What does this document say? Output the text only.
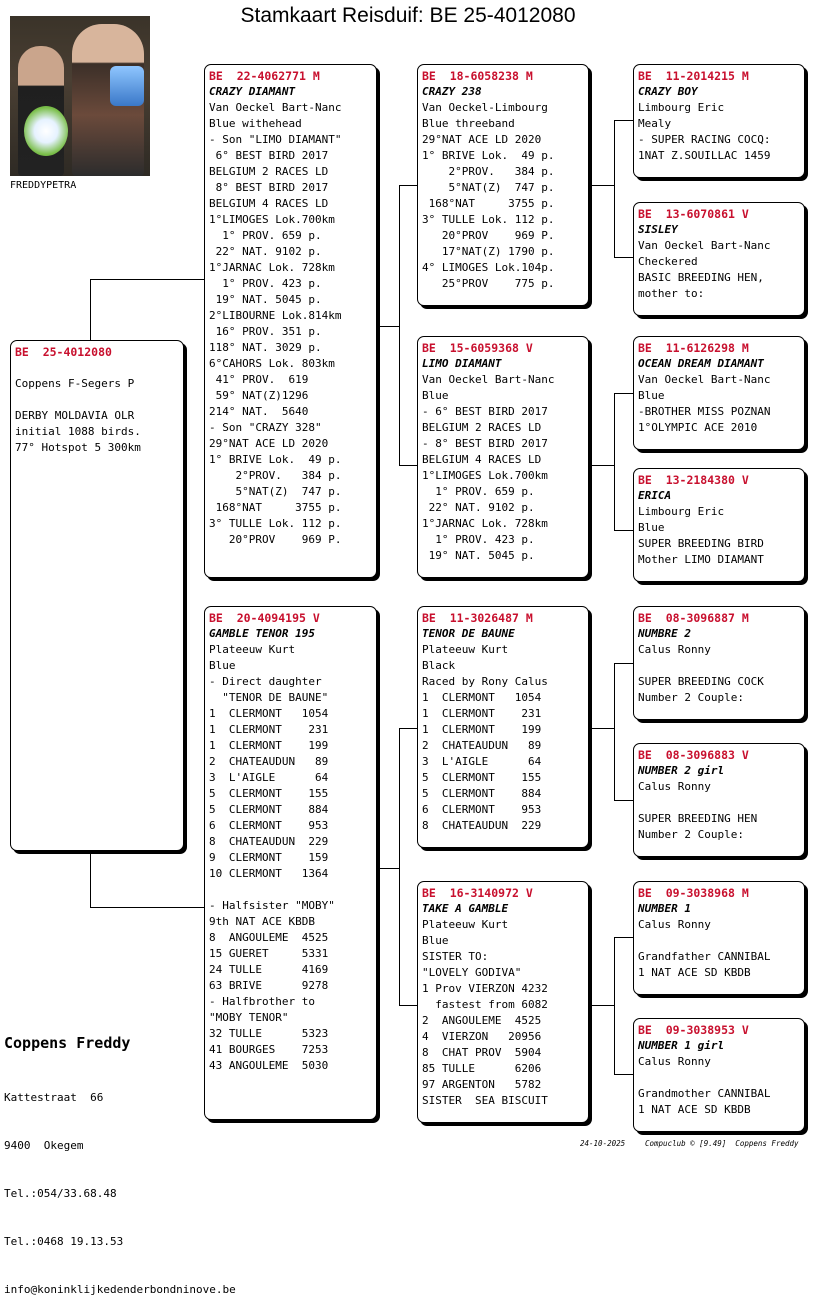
Stamkaart Reisduif: BE 25-4012080
FREDDYPETRA
BE  25-4012080

Coppens F-Segers P

DERBY MOLDAVIA OLR
initial 1088 birds.
77° Hotspot 5 300km
BE  22-4062771 M
CRAZY DIAMANT
Van Oeckel Bart-Nanc
Blue withehead
- Son "LIMO DIAMANT"
6° BEST BIRD 2017
BELGIUM 2 RACES LD
8° BEST BIRD 2017
BELGIUM 4 RACES LD
1°LIMOGES Lok.700km
1° PROV. 659 p.
22° NAT. 9102 p.
1°JARNAC Lok. 728km
1° PROV. 423 p.
19° NAT. 5045 p.
2°LIBOURNE Lok.814km
16° PROV. 351 p.
118° NAT. 3029 p.
6°CAHORS Lok. 803km
41° PROV.  619
59° NAT(Z)1296
214° NAT.  5640
- Son "CRAZY 328"
29°NAT ACE LD 2020
1° BRIVE Lok.  49 p.
2°PROV.   384 p.
5°NAT(Z)  747 p.
168°NAT     3755 p.
3° TULLE Lok. 112 p.
20°PROV    969 P.
BE  20-4094195 V
GAMBLE TENOR 195
Plateeuw Kurt
Blue
- Direct daughter
"TENOR DE BAUNE"
1  CLERMONT   1054
1  CLERMONT    231
1  CLERMONT    199
2  CHATEAUDUN   89
3  L'AIGLE      64
5  CLERMONT    155
5  CLERMONT    884
6  CLERMONT    953
8  CHATEAUDUN  229
9  CLERMONT    159
10 CLERMONT   1364

- Halfsister "MOBY"
9th NAT ACE KBDB
8  ANGOULEME  4525
15 GUERET     5331
24 TULLE      4169
63 BRIVE      9278
- Halfbrother to
"MOBY TENOR"
32 TULLE      5323
41 BOURGES    7253
43 ANGOULEME  5030
BE  18-6058238 M
CRAZY 238
Van Oeckel-Limbourg
Blue threeband
29°NAT ACE LD 2020
1° BRIVE Lok.  49 p.
2°PROV.   384 p.
5°NAT(Z)  747 p.
168°NAT     3755 p.
3° TULLE Lok. 112 p.
20°PROV    969 P.
17°NAT(Z) 1790 p.
4° LIMOGES Lok.104p.
25°PROV    775 p.
BE  15-6059368 V
LIMO DIAMANT
Van Oeckel Bart-Nanc
Blue
- 6° BEST BIRD 2017
BELGIUM 2 RACES LD
- 8° BEST BIRD 2017
BELGIUM 4 RACES LD
1°LIMOGES Lok.700km
1° PROV. 659 p.
22° NAT. 9102 p.
1°JARNAC Lok. 728km
1° PROV. 423 p.
19° NAT. 5045 p.
BE  11-3026487 M
TENOR DE BAUNE
Plateeuw Kurt
Black
Raced by Rony Calus
1  CLERMONT   1054
1  CLERMONT    231
1  CLERMONT    199
2  CHATEAUDUN   89
3  L'AIGLE      64
5  CLERMONT    155
5  CLERMONT    884
6  CLERMONT    953
8  CHATEAUDUN  229
BE  16-3140972 V
TAKE A GAMBLE
Plateeuw Kurt
Blue
SISTER TO:
"LOVELY GODIVA"
1 Prov VIERZON 4232
fastest from 6082
2  ANGOULEME  4525
4  VIERZON   20956
8  CHAT PROV  5904
85 TULLE      6206
97 ARGENTON   5782
SISTER  SEA BISCUIT
BE  11-2014215 M
CRAZY BOY
Limbourg Eric
Mealy
- SUPER RACING COCQ:
1NAT Z.SOUILLAC 1459
BE  13-6070861 V
SISLEY
Van Oeckel Bart-Nanc
Checkered
BASIC BREEDING HEN,
mother to:
BE  11-6126298 M
OCEAN DREAM DIAMANT
Van Oeckel Bart-Nanc
Blue
-BROTHER MISS POZNAN
1°OLYMPIC ACE 2010
BE  13-2184380 V
ERICA
Limbourg Eric
Blue
SUPER BREEDING BIRD
Mother LIMO DIAMANT
BE  08-3096887 M
NUMBRE 2
Calus Ronny

SUPER BREEDING COCK
Number 2 Couple:
BE  08-3096883 V
NUMBER 2 girl
Calus Ronny

SUPER BREEDING HEN
Number 2 Couple:
BE  09-3038968 M
NUMBER 1
Calus Ronny

Grandfather CANNIBAL
1 NAT ACE SD KBDB
BE  09-3038953 V
NUMBER 1 girl
Calus Ronny

Grandmother CANNIBAL
1 NAT ACE SD KBDB
Coppens Freddy

Kattestraat  66

9400  Okegem

Tel.:054/33.68.48

Tel.:0468 19.13.53

info@koninklijkedenderbondninove.be

24-10-2025	Compuclub © [9.49]  Coppens Freddy
